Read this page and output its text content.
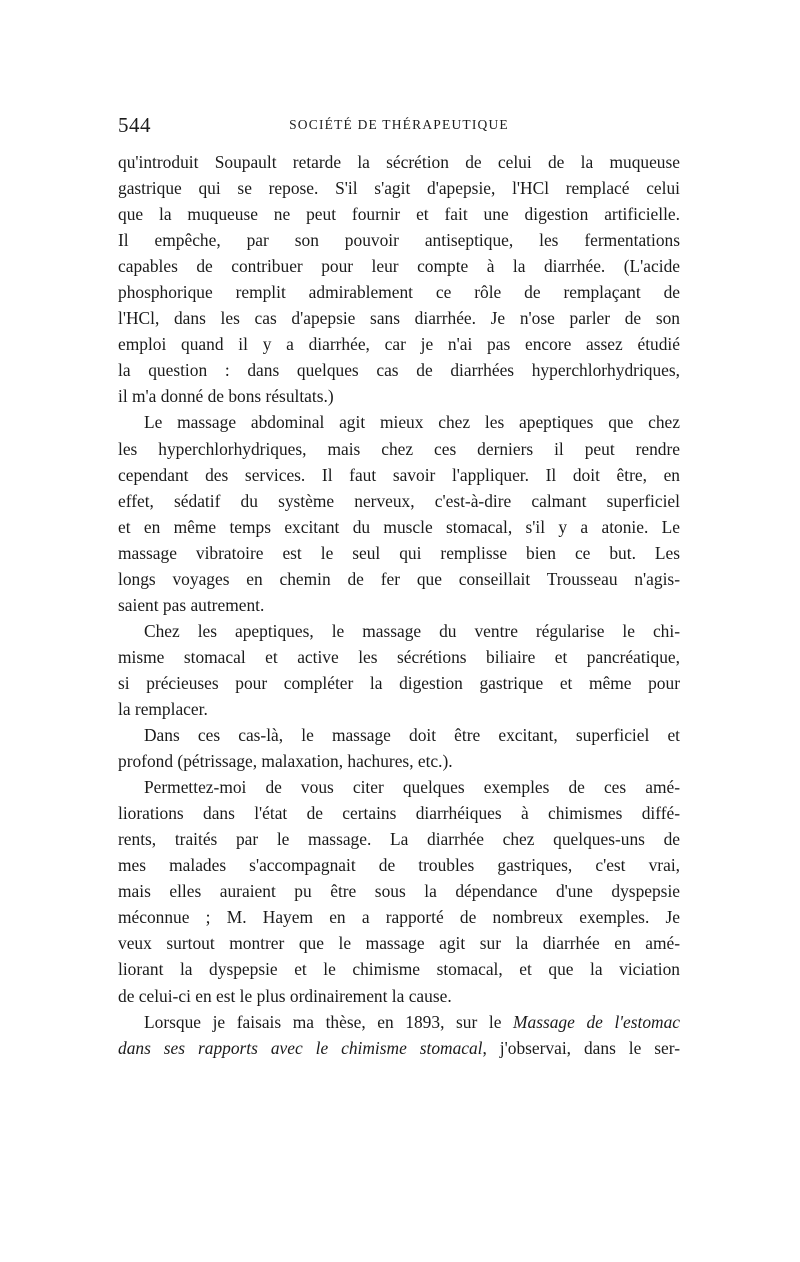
544	SOCIÉTÉ DE THÉRAPEUTIQUE
qu'introduit Soupault retarde la sécrétion de celui de la muqueuse
gastrique qui se repose. S'il s'agit d'apepsie, l'HCl remplacé celui
que la muqueuse ne peut fournir et fait une digestion artificielle.
Il empêche, par son pouvoir antiseptique, les fermentations
capables de contribuer pour leur compte à la diarrhée. (L'acide
phosphorique remplit admirablement ce rôle de remplaçant de
l'HCl, dans les cas d'apepsie sans diarrhée. Je n'ose parler de son
emploi quand il y a diarrhée, car je n'ai pas encore assez étudié
la question : dans quelques cas de diarrhées hyperchlorhydriques,
il m'a donné de bons résultats.)
Le massage abdominal agit mieux chez les apeptiques que chez
les hyperchlorhydriques, mais chez ces derniers il peut rendre
cependant des services. Il faut savoir l'appliquer. Il doit être, en
effet, sédatif du système nerveux, c'est-à-dire calmant superficiel
et en même temps excitant du muscle stomacal, s'il y a atonie. Le
massage vibratoire est le seul qui remplisse bien ce but. Les
longs voyages en chemin de fer que conseillait Trousseau n'agis-
saient pas autrement.
Chez les apeptiques, le massage du ventre régularise le chi-
misme stomacal et active les sécrétions biliaire et pancréatique,
si précieuses pour compléter la digestion gastrique et même pour
la remplacer.
Dans ces cas-là, le massage doit être excitant, superficiel et
profond (pétrissage, malaxation, hachures, etc.).
Permettez-moi de vous citer quelques exemples de ces amé-
liorations dans l'état de certains diarrhéiques à chimismes diffé-
rents, traités par le massage. La diarrhée chez quelques-uns de
mes malades s'accompagnait de troubles gastriques, c'est vrai,
mais elles auraient pu être sous la dépendance d'une dyspepsie
méconnue ; M. Hayem en a rapporté de nombreux exemples. Je
veux surtout montrer que le massage agit sur la diarrhée en amé-
liorant la dyspepsie et le chimisme stomacal, et que la viciation
de celui-ci en est le plus ordinairement la cause.
Lorsque je faisais ma thèse, en 1893, sur le Massage de l'estomac
dans ses rapports avec le chimisme stomacal, j'observai, dans le ser-
